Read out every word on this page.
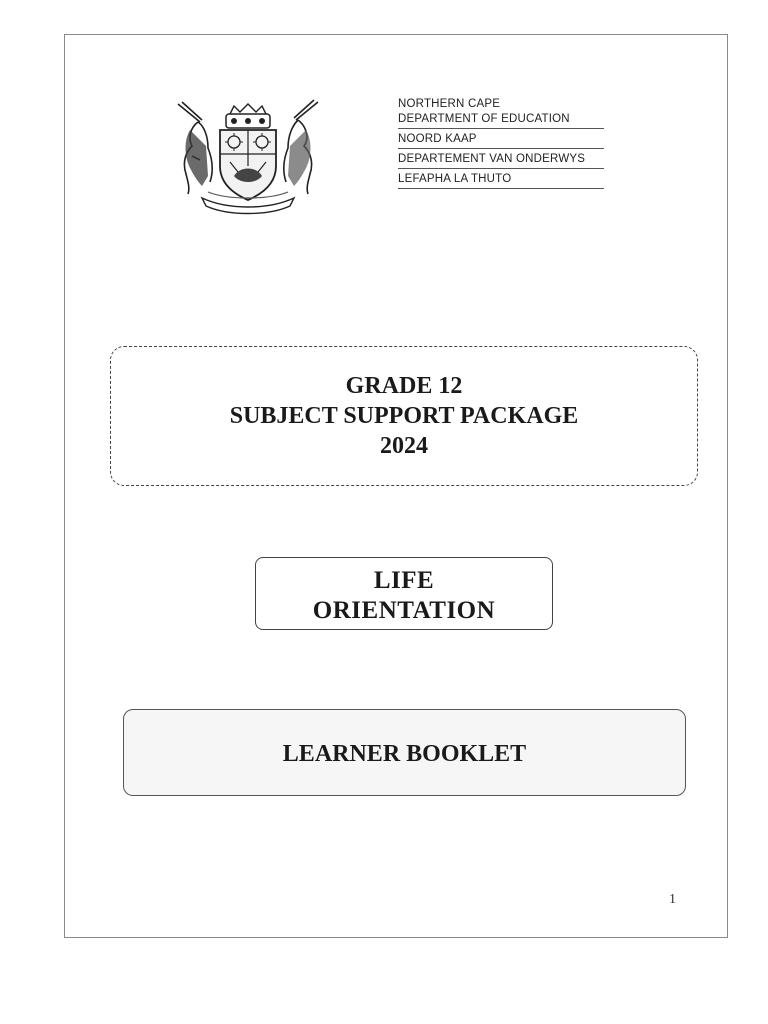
NORTHERN CAPE
DEPARTMENT OF EDUCATION
NOORD KAAP
DEPARTEMENT VAN ONDERWYS
LEFAPHA LA THUTO
GRADE 12
SUBJECT SUPPORT PACKAGE
2024
LIFE
ORIENTATION
LEARNER BOOKLET
1
